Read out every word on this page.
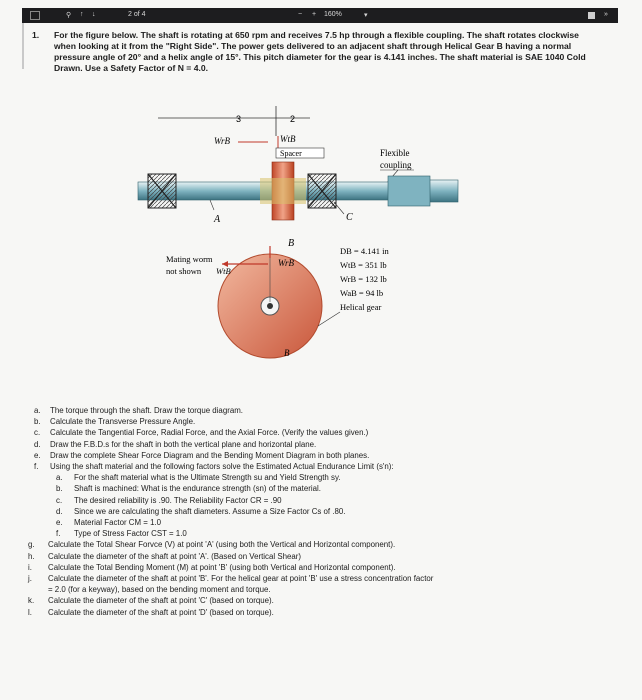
⚲ ↑ ↓	2 of 4	− + 160%	▾	»
1. For the figure below. The shaft is rotating at 650 rpm and receives 7.5 hp through a flexible coupling. The shaft rotates clockwise when looking at it from the "Right Side". The power gets delivered to an adjacent shaft through Helical Gear B having a normal pressure angle of 20° and a helix angle of 15°. This pitch diameter for the gear is 4.141 inches. The shaft material is SAE 1040 Cold Drawn. Use a Safety Factor of N = 4.0.
3	2
WrB	WtB
Spacer	Flexible
coupling
A
B
C
WrB
B
Mating worm
not shown WtB
DB = 4.141 in
WtB = 351 lb
WrB = 132 lb
WaB = 94 lb
Helical gear
a.	The torque through the shaft. Draw the torque diagram.
b.	Calculate the Transverse Pressure Angle.
c.	Calculate the Tangential Force, Radial Force, and the Axial Force. (Verify the values given.)
d.	Draw the F.B.D.s for the shaft in both the vertical plane and horizontal plane.
e.	Draw the complete Shear Force Diagram and the Bending Moment Diagram in both planes.
f.	Using the shaft material and the following factors solve the Estimated Actual Endurance Limit (s'n):
a.	For the shaft material what is the Ultimate Strength su and Yield Strength sy.
b.	Shaft is machined: What is the endurance strength (sn) of the material.
c.	The desired reliability is .90. The Reliability Factor CR = .90
d.	Since we are calculating the shaft diameters. Assume a Size Factor Cs of .80.
e.	Material Factor CM = 1.0
f.	Type of Stress Factor CST = 1.0
g.	Calculate the Total Shear Forvce (V) at point 'A' (using both the Vertical and Horizontal component).
h.	Calculate the diameter of the shaft at point 'A'. (Based on Vertical Shear)
i.	Calculate the Total Bending Moment (M) at point 'B' (using both Vertical and Horizontal component).
j.	Calculate the diameter of the shaft at point 'B'. For the helical gear at point 'B' use a stress concentration factor
= 2.0 (for a keyway), based on the bending moment and torque.
k.	Calculate the diameter of the shaft at point 'C' (based on torque).
l.	Calculate the diameter of the shaft at point 'D' (based on torque).
